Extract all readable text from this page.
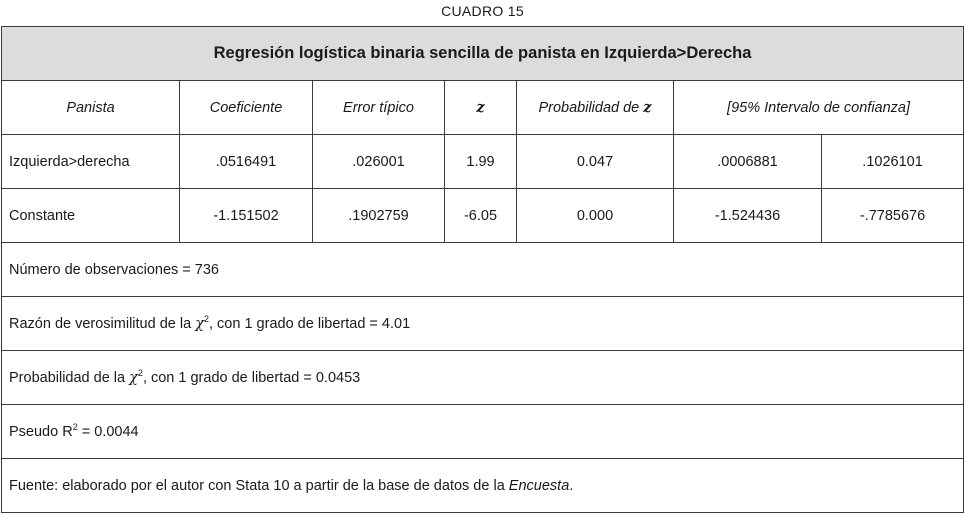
CUADRO 15
Regresión logística binaria sencilla de panista en Izquierda>Derecha						
Panista	Coeficiente	Error típico	z	Probabilidad de z	[95% Intervalo de confianza]	
Izquierda>derecha	.0516491	.026001	1.99	0.047	.0006881	.1026101
Constante	-1.151502	.1902759	-6.05	0.000	-1.524436	-.7785676
Número de observaciones = 736						
Razón de verosimilitud de la $\chi^2$, con 1 grado de libertad = 4.01						
Probabilidad de la $\chi^2$, con 1 grado de libertad = 0.0453						
Pseudo $R^2 = 0.0044$						
Fuente: elaborado por el autor con Stata 10 a partir de la base de datos de la Encuesta.						
